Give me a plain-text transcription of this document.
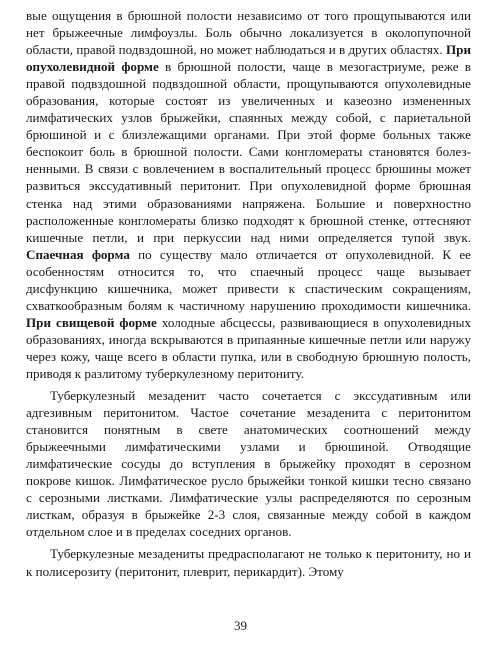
вые ощущения в брюшной полости независимо от того прощупываются или нет брыжеечные лимфоузлы. Боль обычно локализуется в околопупочной области, правой подвздошной, но может наблюдаться и в других областях. При опухолевидной форме в брюшной полости, чаще в мезогастриуме, реже в правой подвздошной подвздошной области, прощупываются опухолевидные образования, которые состоят из увеличенных и казеозно измененных лимфатических узлов брыжейки, спаянных между собой, с париетальной брюшиной и с близлежащими органами. При этой форме больных также беспокоит боль в брюшной полости. Сами конгломераты становятся болезненными. В связи с вовлечением в воспалительный процесс брюшины может развиться экссудативный перитонит. При опухолевидной форме брюшная стенка над этими образованиями напряжена. Большие и поверхностно расположенные конгломераты близко подходят к брюшной стенке, оттесняют кишечные петли, и при перкуссии над ними определяется тупой звук. Спаечная форма по существу мало отличается от опухолевидной. К ее особенностям относится то, что спаечный процесс чаще вызывает дисфункцию кишечника, может привести к спастическим сокращениям, схваткообразным болям к частичному нарушению проходимости кишечника. При свищевой форме холодные абсцессы, развивающиеся в опухолевидных образованиях, иногда вскрываются в припаянные кишечные петли или наружу через кожу, чаще всего в области пупка, или в свободную брюшную полость, приводя к разлитому туберкулезному перитониту.

Туберкулезный мезаденит часто сочетается с экссудативным или адгезивным перитонитом. Частое сочетание мезаденита с перитонитом становится понятным в свете анатомических соотношений между брыжеечными лимфатическими узлами и брюшиной. Отводящие лимфатические сосуды до вступления в брыжейку проходят в серозном покрове кишок. Лимфатическое русло брыжейки тонкой кишки тесно связано с серозными листками. Лимфатические узлы распределяются по серозным листкам, образуя в брыжейке 2-3 слоя, связанные между собой в каждом отдельном слое и в пределах соседних органов.

Туберкулезные мезадениты предрасполагают не только к перитониту, но и к полисерозиту (перитонит, плеврит, перикардит). Этому

39
